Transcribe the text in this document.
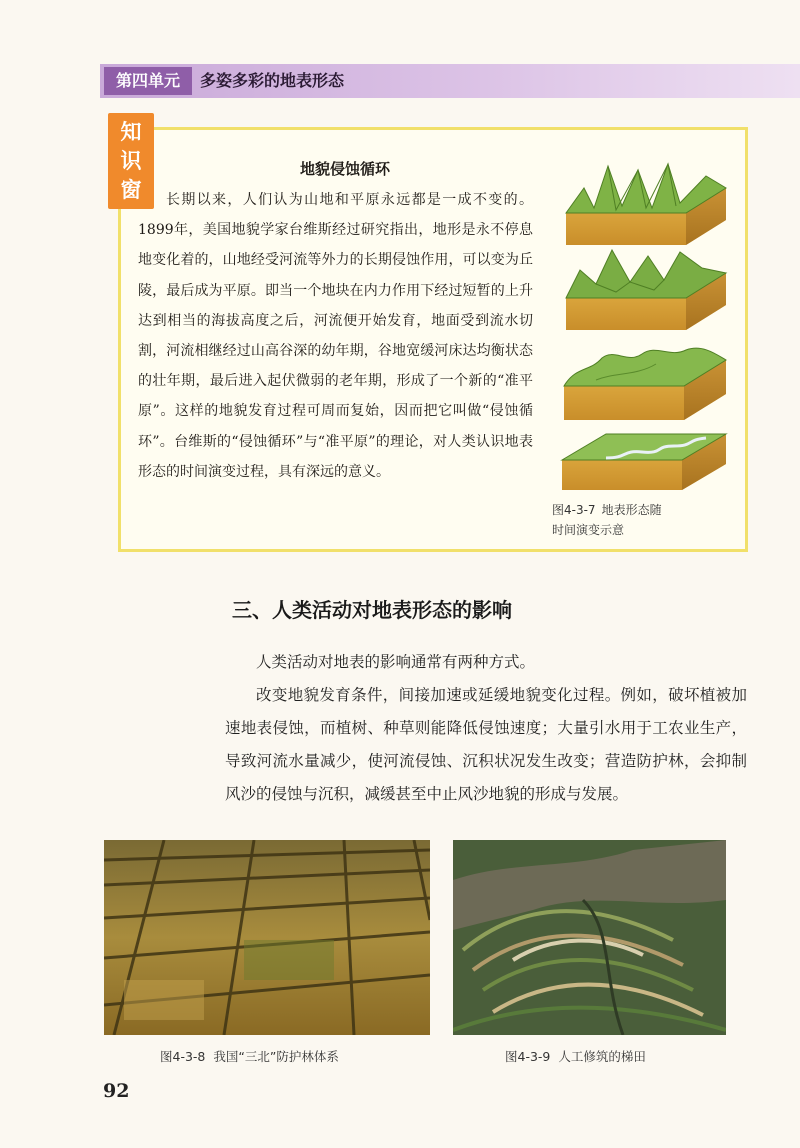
第四单元	多姿多彩的地表形态
知
识
窗
地貌侵蚀循环

长期以来，人们认为山地和平原永远都是一成不变的。1899年，美国地貌学家台维斯经过研究指出，地形是永不停息地变化着的，山地经受河流等外力的长期侵蚀作用，可以变为丘陵，最后成为平原。即当一个地块在内力作用下经过短暂的上升达到相当的海拔高度之后，河流便开始发育，地面受到流水切割，河流相继经过山高谷深的幼年期，谷地宽缓河床达均衡状态的壮年期，最后进入起伏微弱的老年期，形成了一个新的“准平原”。这样的地貌发育过程可周而复始，因而把它叫做“侵蚀循环”。台维斯的“侵蚀循环”与“准平原”的理论，对人类认识地表形态的时间演变过程，具有深远的意义。

图4-3-7 地表形态随
时间演变示意
三、人类活动对地表形态的影响

人类活动对地表的影响通常有两种方式。

改变地貌发育条件，间接加速或延缓地貌变化过程。例如，破坏植被加速地表侵蚀，而植树、种草则能降低侵蚀速度；大量引水用于工农业生产，导致河流水量减少，使河流侵蚀、沉积状况发生改变；营造防护林，会抑制风沙的侵蚀与沉积，减缓甚至中止风沙地貌的形成与发展。

图4-3-8 我国“三北”防护林体系	图4-3-9 人工修筑的梯田
92
